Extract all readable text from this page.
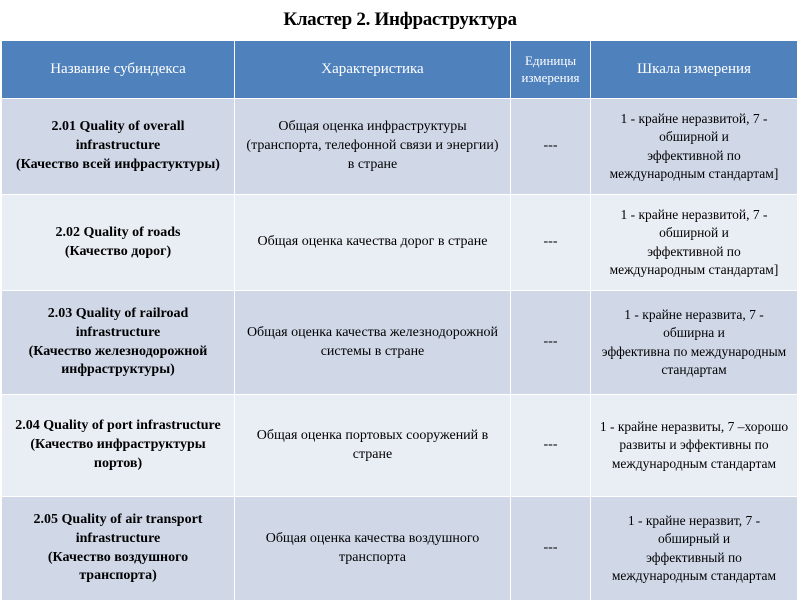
Кластер 2. Инфраструктура
Название субиндекса	Характеристика	Единицы
измерения	Шкала измерения

2.01 Quality of overall
infrastructure
(Качество всей инфрастуктуры)	Общая оценка инфраструктуры
(транспорта, телефонной связи и энергии)
в стране	---	1 - крайне неразвитой, 7 -
обширной и
эффективной по
международным стандартам]

2.02 Quality of roads
(Качество дорог)	Общая оценка качества дорог в стране	---	1 - крайне неразвитой, 7 -
обширной и
эффективной по
международным стандартам]

2.03 Quality of railroad
infrastructure
(Качество железнодорожной
инфраструктуры)	Общая оценка качества железнодорожной
системы в стране	---	1 - крайне неразвита, 7 -
обширна и
эффективна по международным
стандартам

2.04 Quality of port infrastructure
(Качество инфраструктуры
портов)	Общая оценка портовых сооружений в
стране	---	1 - крайне неразвиты, 7 –хорошо
развиты и эффективны по
международным стандартам

2.05 Quality of air transport
infrastructure
(Качество воздушного
транспорта)	Общая оценка качества воздушного
транспорта	---	1 - крайне неразвит, 7 -
обширный и
эффективный по
международным стандартам
